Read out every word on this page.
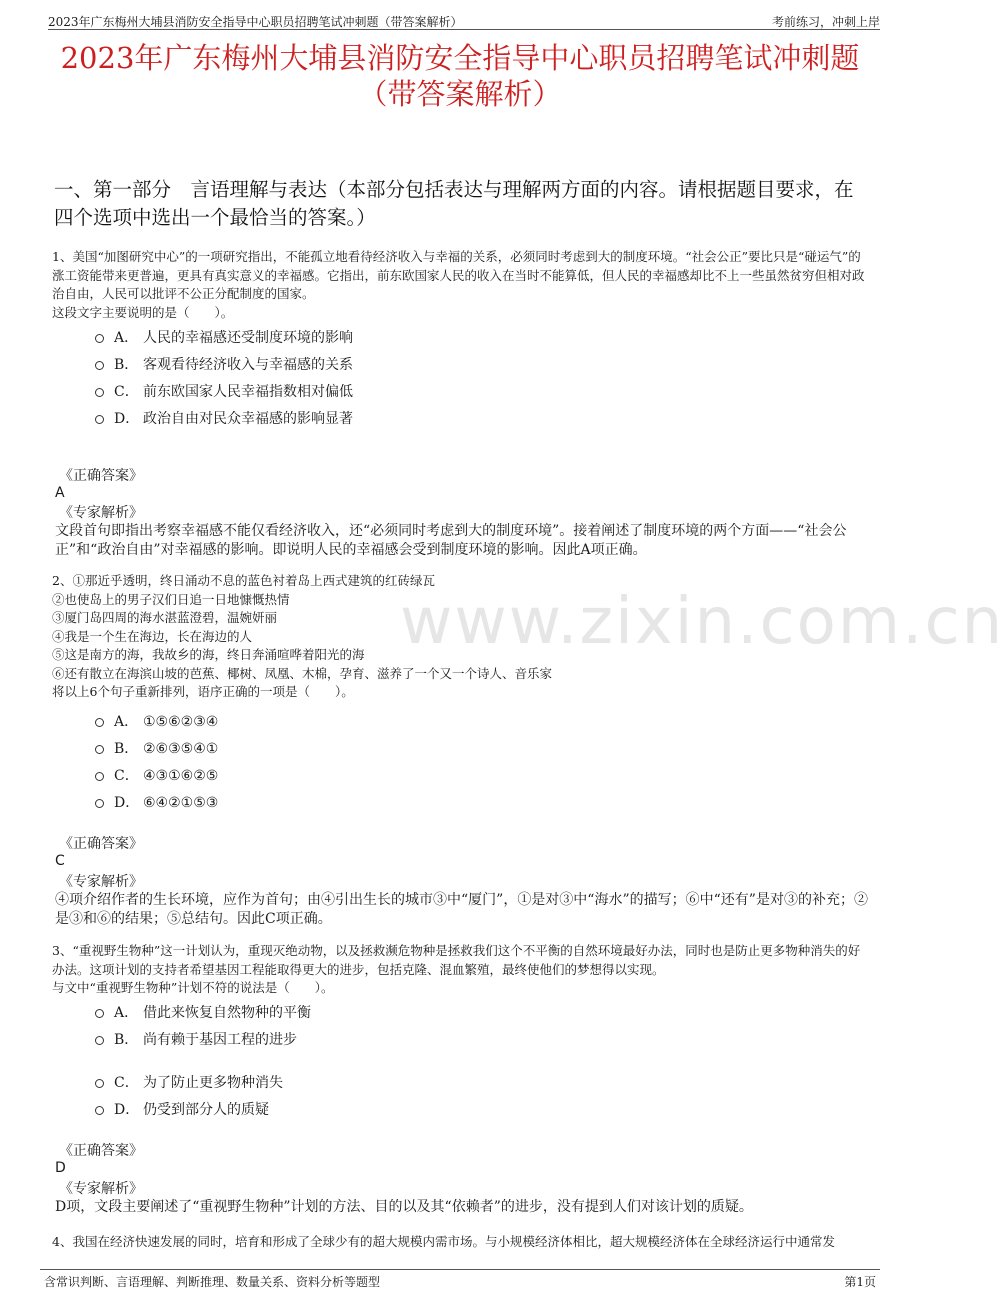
2023年广东梅州大埔县消防安全指导中心职员招聘笔试冲刺题（带答案解析）	考前练习，冲刺上岸
2023年广东梅州大埔县消防安全指导中心职员招聘笔试冲刺题
（带答案解析）
一、第一部分　言语理解与表达（本部分包括表达与理解两方面的内容。请根据题目要求，在四个选项中选出一个最恰当的答案。）
www.zixin.com.cn

1、美国“加图研究中心”的一项研究指出，不能孤立地看待经济收入与幸福的关系，必须同时考虑到大的制度环境。“社会公正”要比只是“碰运气”的涨工资能带来更普遍，更具有真实意义的幸福感。它指出，前东欧国家人民的收入在当时不能算低，但人民的幸福感却比不上一些虽然贫穷但相对政治自由，人民可以批评不公正分配制度的国家。

这段文字主要说明的是（　　）。

A． 人民的幸福感还受制度环境的影响
B． 客观看待经济收入与幸福感的关系
C． 前东欧国家人民幸福指数相对偏低
D． 政治自由对民众幸福感的影响显著
《正确答案》
A
《专家解析》
文段首句即指出考察幸福感不能仅看经济收入，还“必须同时考虑到大的制度环境”。接着阐述了制度环境的两个方面——“社会公正”和“政治自由”对幸福感的影响。即说明人民的幸福感会受到制度环境的影响。因此A项正确。

2、①那近乎透明，终日涌动不息的蓝色衬着岛上西式建筑的红砖绿瓦

②也使岛上的男子汉们日追一日地慷慨热情

③厦门岛四周的海水湛蓝澄碧，温婉妍丽

④我是一个生在海边，长在海边的人

⑤这是南方的海，我故乡的海，终日奔涌喧哗着阳光的海

⑥还有散立在海滨山坡的芭蕉、椰树、凤凰、木棉，孕育、滋养了一个又一个诗人、音乐家

将以上6个句子重新排列，语序正确的一项是（　　）。

A． ①⑤⑥②③④
B． ②⑥③⑤④①
C． ④③①⑥②⑤
D． ⑥④②①⑤③
《正确答案》
C
《专家解析》
④项介绍作者的生长环境，应作为首句；由④引出生长的城市③中“厦门”，①是对③中“海水”的描写；⑥中“还有”是对③的补充；②是③和⑥的结果；⑤总结句。因此C项正确。

3、“重视野生物种”这一计划认为，重现灭绝动物，以及拯救濒危物种是拯救我们这个不平衡的自然环境最好办法，同时也是防止更多物种消失的好办法。这项计划的支持者希望基因工程能取得更大的进步，包括克隆、混血繁殖，最终使他们的梦想得以实现。

与文中“重视野生物种”计划不符的说法是（　　）。

A． 借此来恢复自然物种的平衡
B． 尚有赖于基因工程的进步
C． 为了防止更多物种消失
D． 仍受到部分人的质疑
《正确答案》
D
《专家解析》
D项，文段主要阐述了“重视野生物种”计划的方法、目的以及其“依赖者”的进步，没有提到人们对该计划的质疑。

4、我国在经济快速发展的同时，培育和形成了全球少有的超大规模内需市场。与小规模经济体相比，超大规模经济体在全球经济运行中通常发

含常识判断、言语理解、判断推理、数量关系、资料分析等题型	第1页
